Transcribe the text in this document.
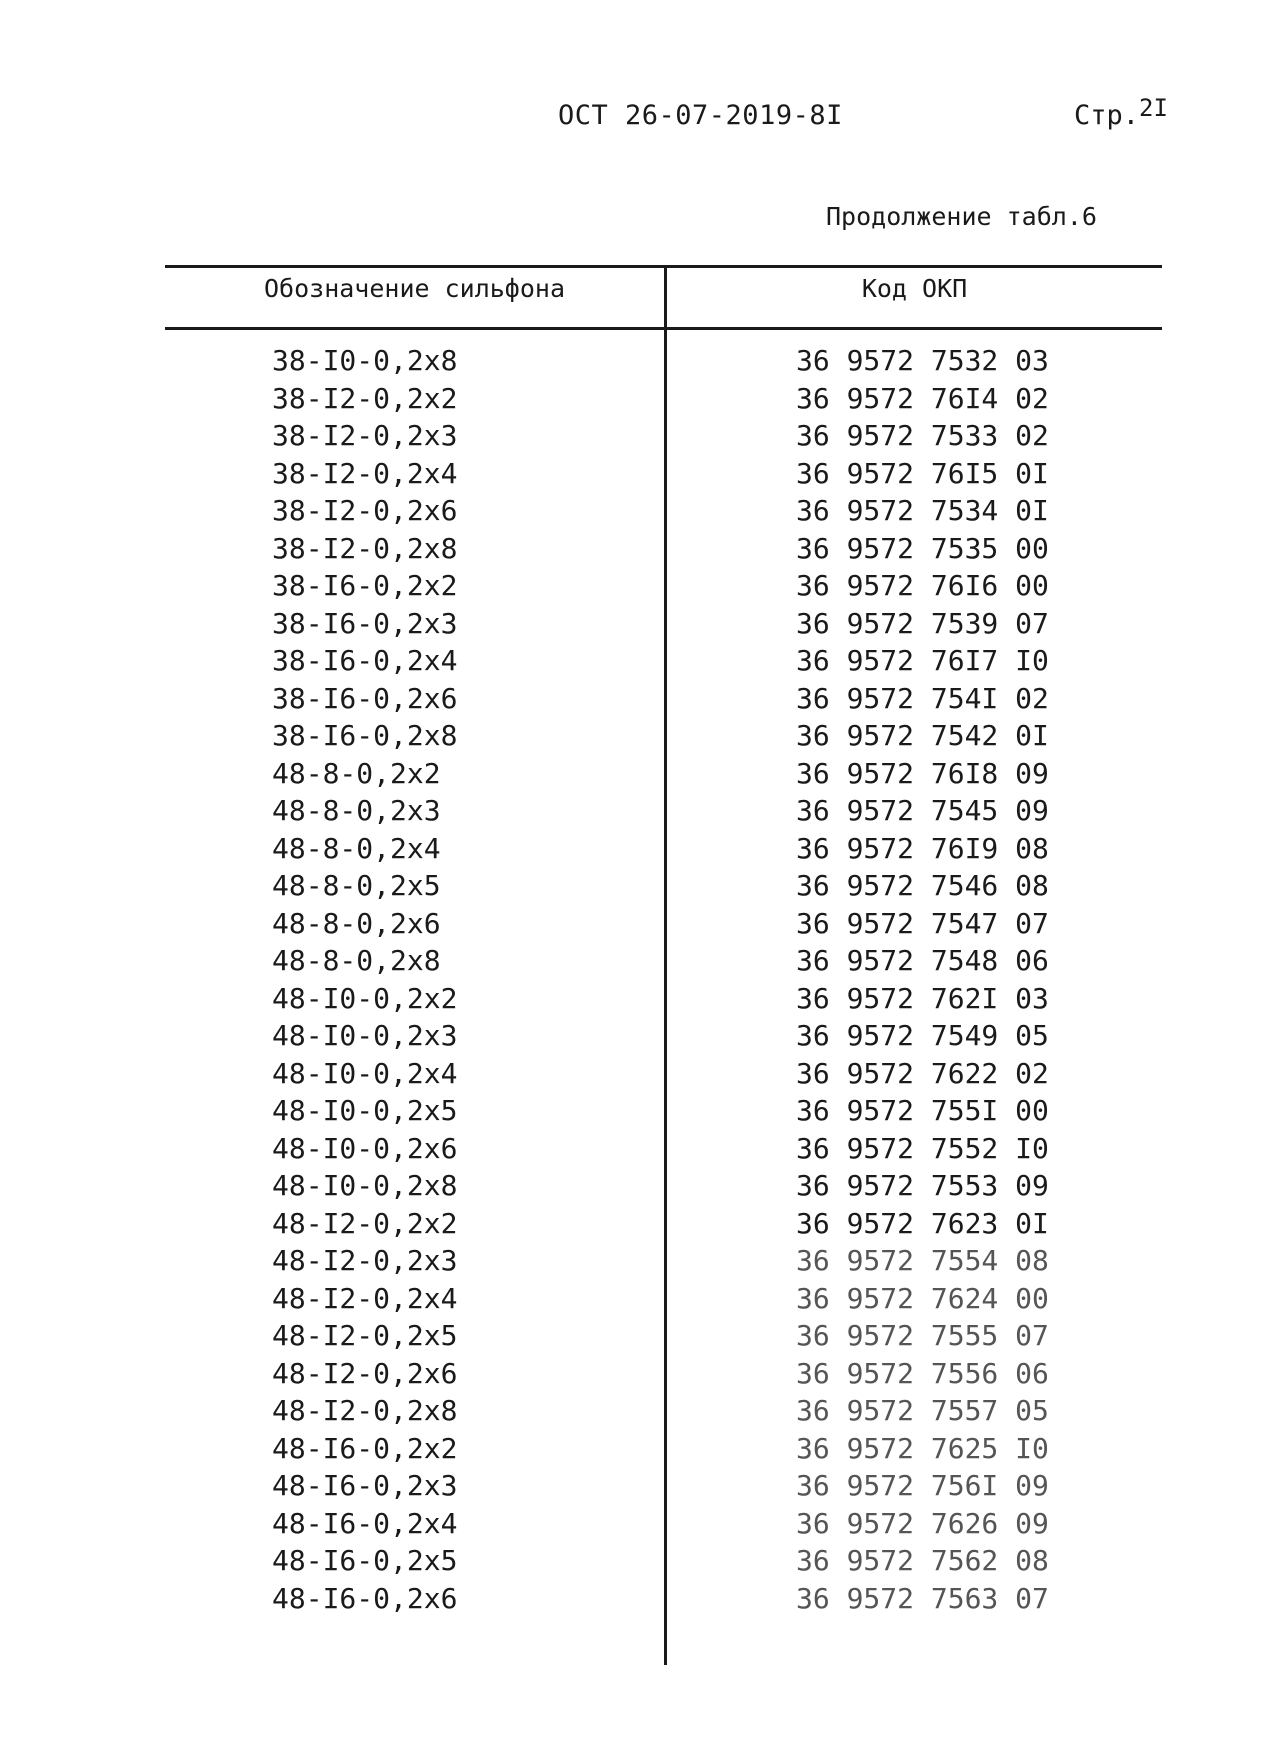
ОСТ 26-07-2019-8I	Стр.2I
Продолжение табл.6
Обозначение сильфона	Код ОКП
38-I0-0,2x8	36 9572 7532 03
38-I2-0,2x2	36 9572 76I4 02
38-I2-0,2x3	36 9572 7533 02
38-I2-0,2x4	36 9572 76I5 0I
38-I2-0,2x6	36 9572 7534 0I
38-I2-0,2x8	36 9572 7535 00
38-I6-0,2x2	36 9572 76I6 00
38-I6-0,2x3	36 9572 7539 07
38-I6-0,2x4	36 9572 76I7 I0
38-I6-0,2x6	36 9572 754I 02
38-I6-0,2x8	36 9572 7542 0I
48-8-0,2x2	36 9572 76I8 09
48-8-0,2x3	36 9572 7545 09
48-8-0,2x4	36 9572 76I9 08
48-8-0,2x5	36 9572 7546 08
48-8-0,2x6	36 9572 7547 07
48-8-0,2x8	36 9572 7548 06
48-I0-0,2x2	36 9572 762I 03
48-I0-0,2x3	36 9572 7549 05
48-I0-0,2x4	36 9572 7622 02
48-I0-0,2x5	36 9572 755I 00
48-I0-0,2x6	36 9572 7552 I0
48-I0-0,2x8	36 9572 7553 09
48-I2-0,2x2	36 9572 7623 0I
48-I2-0,2x3	36 9572 7554 08
48-I2-0,2x4	36 9572 7624 00
48-I2-0,2x5	36 9572 7555 07
48-I2-0,2x6	36 9572 7556 06
48-I2-0,2x8	36 9572 7557 05
48-I6-0,2x2	36 9572 7625 I0
48-I6-0,2x3	36 9572 756I 09
48-I6-0,2x4	36 9572 7626 09
48-I6-0,2x5	36 9572 7562 08
48-I6-0,2x6	36 9572 7563 07
